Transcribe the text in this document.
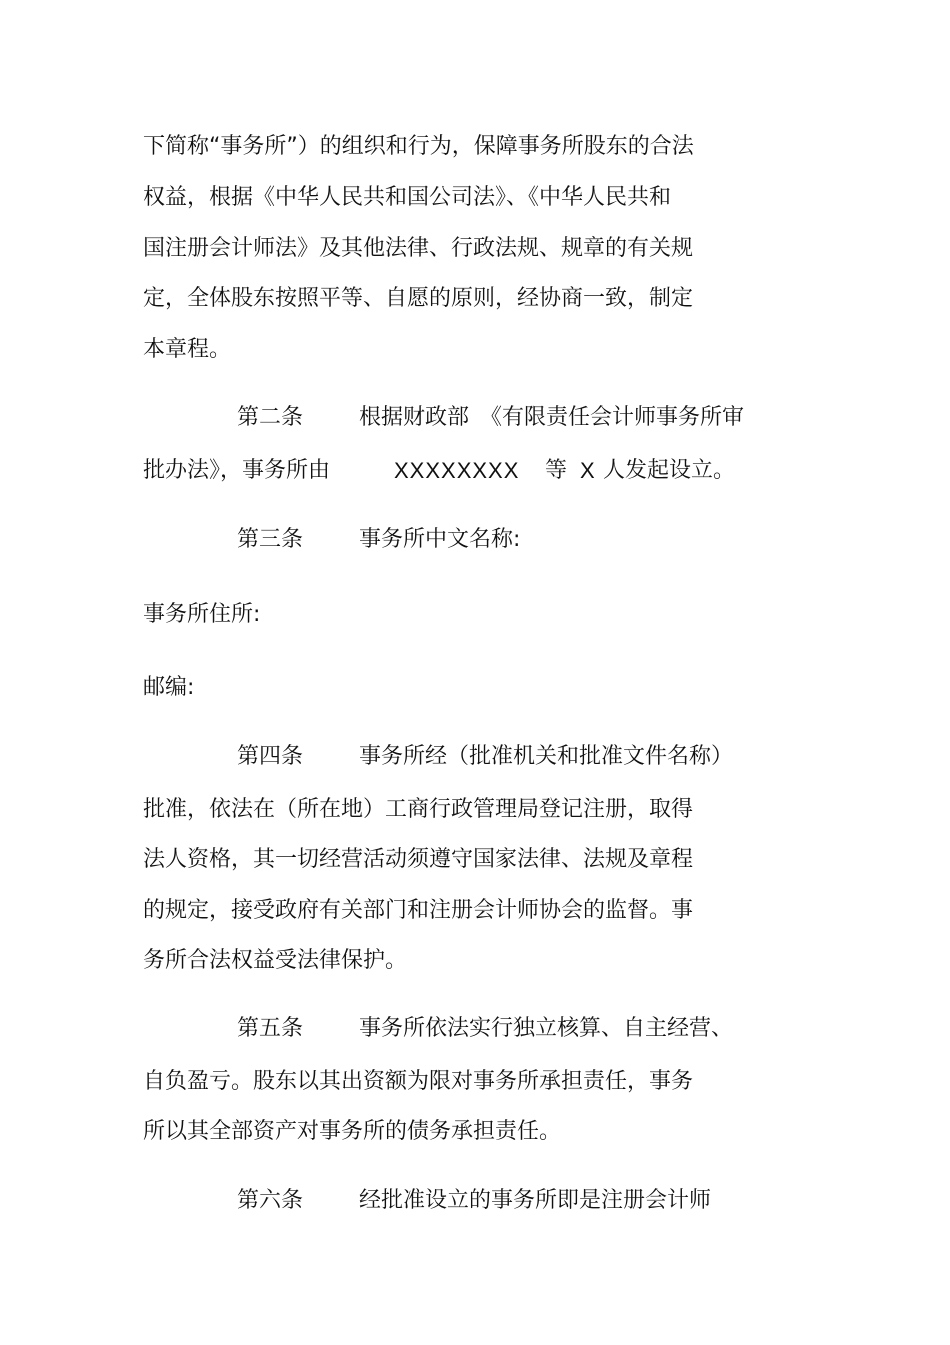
下简称“事务所”）的组织和行为，保障事务所股东的合法
权益，根据《中华人民共和国公司法》、《中华人民共和
国注册会计师法》及其他法律、行政法规、规章的有关规
定，全体股东按照平等、自愿的原则，经协商一致，制定
本章程。
第二条	根据财政部　《有限责任会计师事务所审
批办法》，事务所由	XXXXXXXX 等 X 人发起设立。
第三条	事务所中文名称:
事务所住所:
邮编:
第四条	事务所经（批准机关和批准文件名称）
批准，依法在（所在地）工商行政管理局登记注册，取得
法人资格，其一切经营活动须遵守国家法律、法规及章程
的规定，接受政府有关部门和注册会计师协会的监督。事
务所合法权益受法律保护。
第五条	事务所依法实行独立核算、自主经营、
自负盈亏。股东以其出资额为限对事务所承担责任，事务
所以其全部资产对事务所的债务承担责任。
第六条	经批准设立的事务所即是注册会计师
